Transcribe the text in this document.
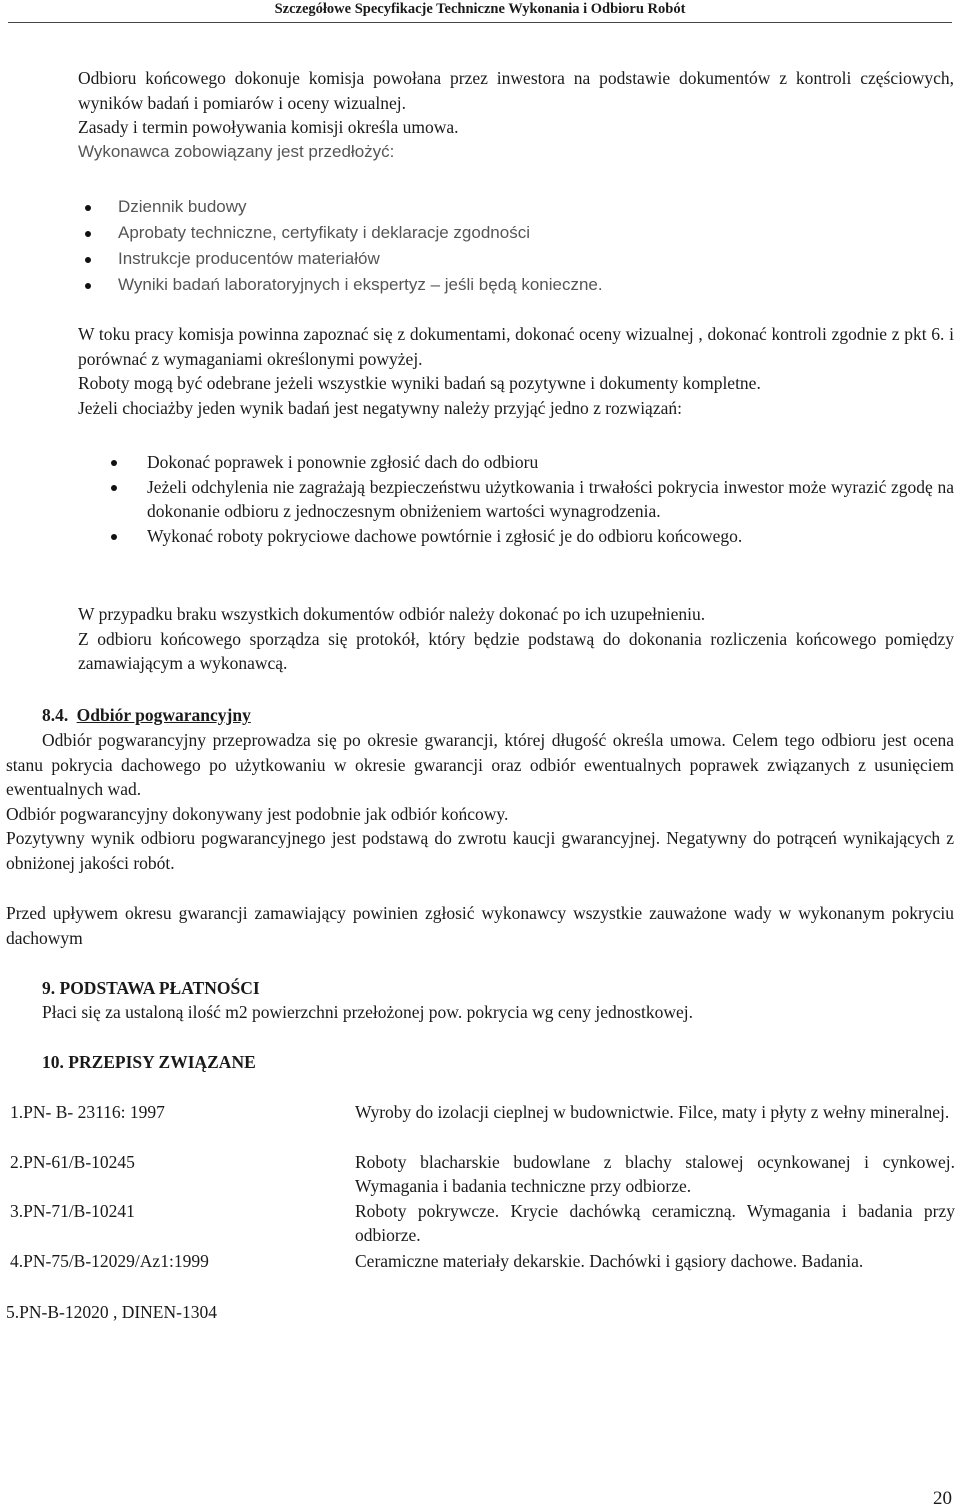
Szczegółowe Specyfikacje Techniczne Wykonania i Odbioru Robót
Odbioru końcowego dokonuje komisja powołana przez inwestora na podstawie dokumentów z kontroli częściowych, wyników badań i pomiarów i oceny wizualnej.
Zasady i termin powoływania komisji określa umowa.
Wykonawca zobowiązany jest przedłożyć:
Dziennik budowy
Aprobaty techniczne, certyfikaty i deklaracje zgodności
Instrukcje producentów materiałów
Wyniki badań laboratoryjnych i ekspertyz – jeśli będą konieczne.
W toku pracy komisja powinna zapoznać się z dokumentami, dokonać oceny wizualnej , dokonać kontroli zgodnie z pkt 6. i porównać z wymaganiami określonymi powyżej.
Roboty mogą być odebrane jeżeli wszystkie wyniki badań są pozytywne i dokumenty kompletne.
Jeżeli chociażby jeden wynik badań jest negatywny należy przyjąć jedno z rozwiązań:
Dokonać poprawek i ponownie zgłosić dach do odbioru
Jeżeli odchylenia nie zagrażają bezpieczeństwu użytkowania i trwałości pokrycia inwestor może wyrazić zgodę na dokonanie odbioru z jednoczesnym obniżeniem wartości wynagrodzenia.
Wykonać roboty pokryciowe dachowe powtórnie i zgłosić je do odbioru końcowego.
W przypadku braku wszystkich dokumentów odbiór należy dokonać po ich uzupełnieniu.
Z odbioru końcowego sporządza się protokół, który będzie podstawą do dokonania rozliczenia końcowego pomiędzy zamawiającym a wykonawcą.
8.4. Odbiór pogwarancyjny
Odbiór pogwarancyjny przeprowadza się po okresie gwarancji, której długość określa umowa. Celem tego odbioru jest ocena stanu pokrycia dachowego po użytkowaniu w okresie gwarancji oraz odbiór ewentualnych poprawek związanych z usunięciem ewentualnych wad.
Odbiór pogwarancyjny dokonywany jest podobnie jak odbiór końcowy.
Pozytywny wynik odbioru pogwarancyjnego jest podstawą do zwrotu kaucji gwarancyjnej. Negatywny do potrąceń wynikających z obniżonej jakości robót.
Przed upływem okresu gwarancji zamawiający powinien zgłosić wykonawcy wszystkie zauważone wady w wykonanym pokryciu dachowym
9. PODSTAWA PŁATNOŚCI
Płaci się za ustaloną ilość m2 powierzchni przełożonej pow. pokrycia wg ceny jednostkowej.
10. PRZEPISY ZWIĄZANE
1.PN- B- 23116: 1997	Wyroby do izolacji cieplnej w budownictwie. Filce, maty i płyty z wełny mineralnej.
2.PN-61/B-10245	Roboty blacharskie budowlane z blachy stalowej ocynkowanej i cynkowej. Wymagania i badania techniczne przy odbiorze.
3.PN-71/B-10241	Roboty pokrywcze. Krycie dachówką ceramiczną. Wymagania i badania przy odbiorze.
4.PN-75/B-12029/Az1:1999	Ceramiczne materiały dekarskie. Dachówki i gąsiory dachowe. Badania.
5.PN-B-12020 , DINEN-1304
20
